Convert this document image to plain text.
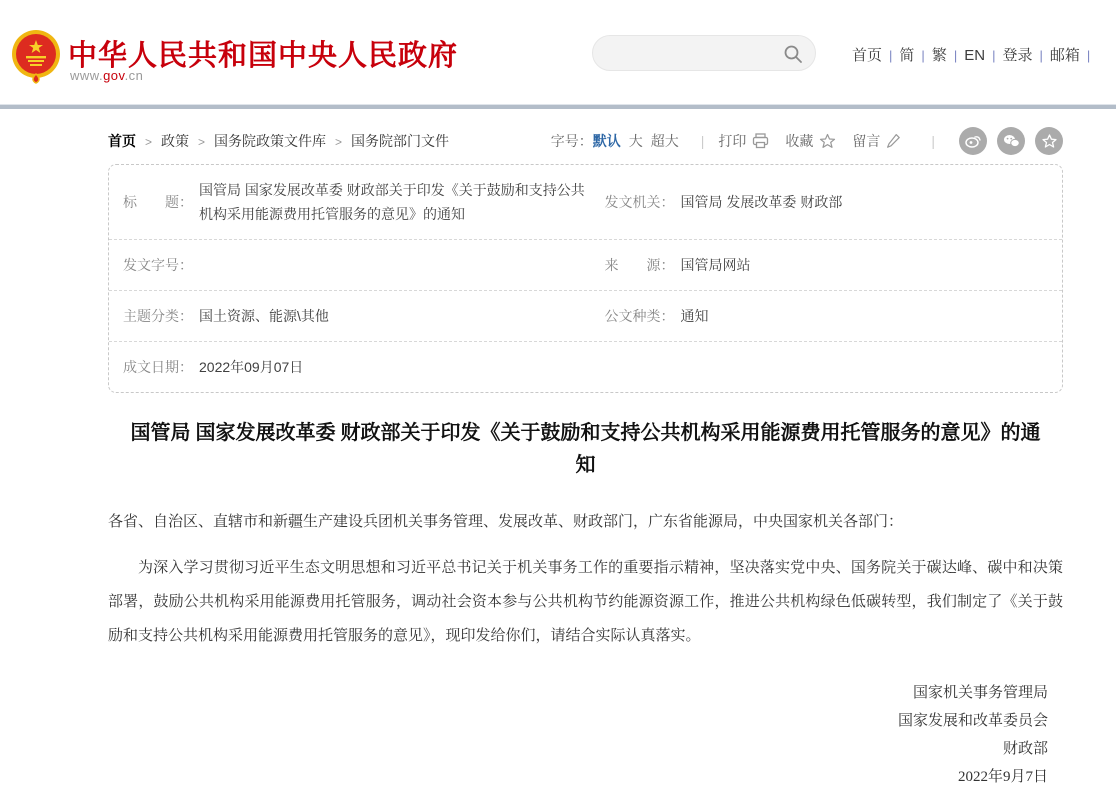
中华人民共和国中央人民政府
www.gov.cn
首页 | 简 | 繁 | EN | 登录 | 邮箱 |
首页 > 政策 > 国务院政策文件库 > 国务院部门文件	字号： 默认 大 超大 | 打印	收藏	留言	|
标　　题：
国管局 国家发展改革委 财政部关于印发《关于鼓励和支持公共机构采用能源费用托管服务的意见》的通知
发文机关： 国管局 发展改革委 财政部
发文字号：	来　　源： 国管局网站
主题分类： 国土资源、能源\其他	公文种类： 通知
成文日期： 2022年09月07日
国管局 国家发展改革委 财政部关于印发《关于鼓励和支持公共机构采用能源费用托管服务的意见》的通知

各省、自治区、直辖市和新疆生产建设兵团机关事务管理、发展改革、财政部门，广东省能源局，中央国家机关各部门：

为深入学习贯彻习近平生态文明思想和习近平总书记关于机关事务工作的重要指示精神，坚决落实党中央、国务院关于碳达峰、碳中和决策部署，鼓励公共机构采用能源费用托管服务，调动社会资本参与公共机构节约能源资源工作，推进公共机构绿色低碳转型，我们制定了《关于鼓励和支持公共机构采用能源费用托管服务的意见》，现印发给你们，请结合实际认真落实。

国家机关事务管理局
国家发展和改革委员会
财政部
2022年9月7日
